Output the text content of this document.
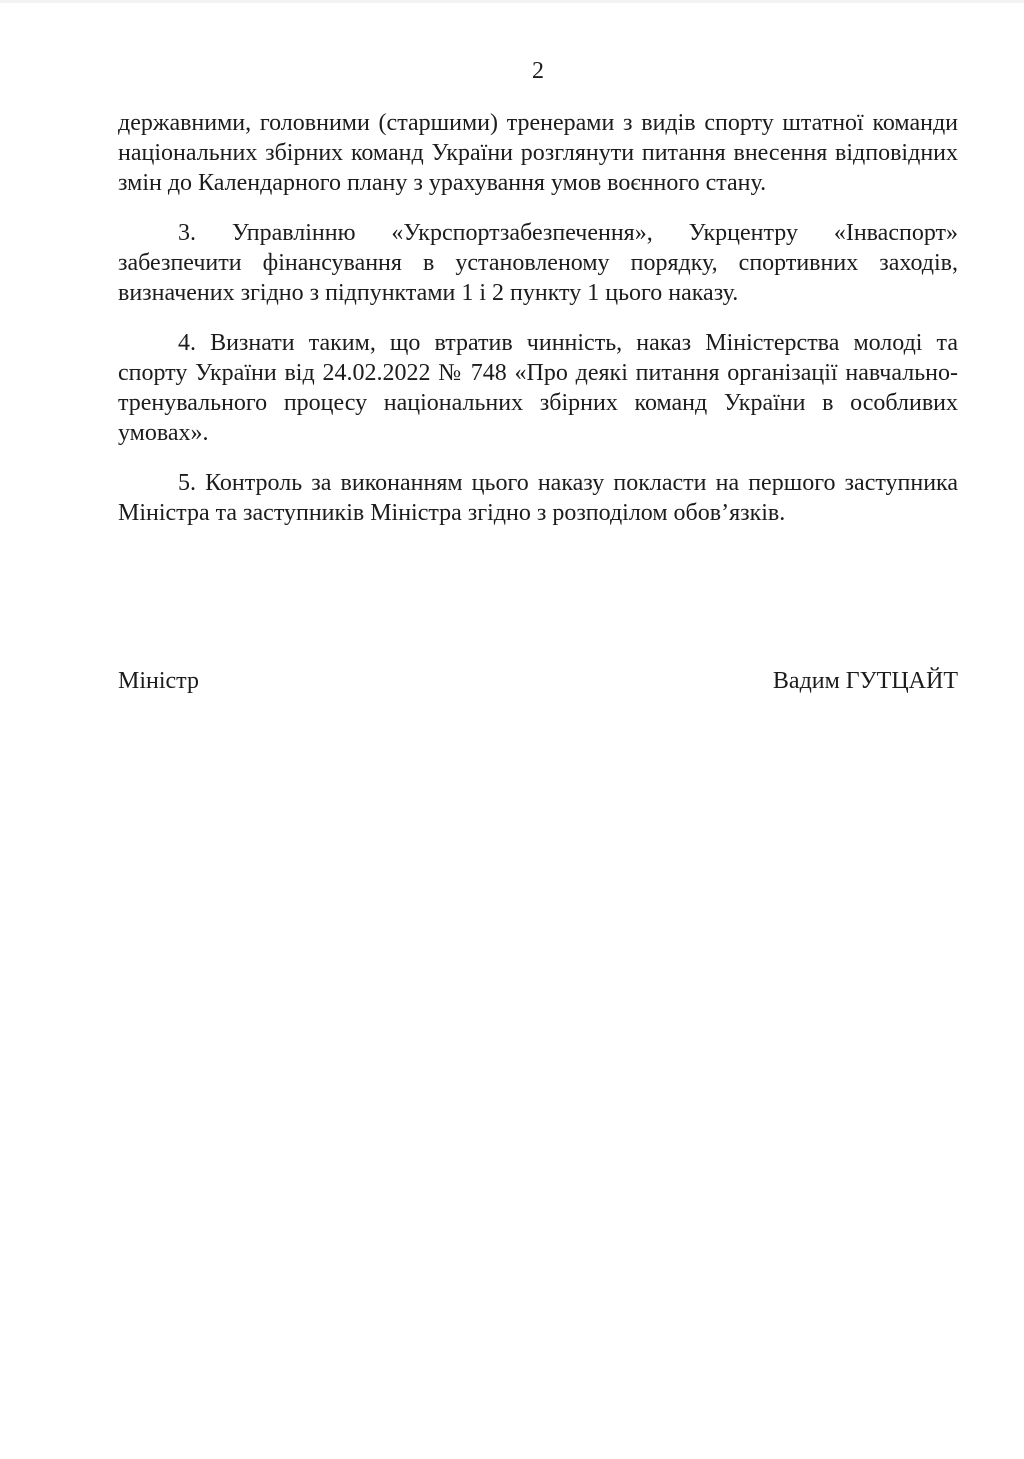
2
державними, головними (старшими) тренерами з видів спорту штатної команди
національних збірних команд України розглянути питання внесення відповідних
змін до Календарного плану з урахування умов воєнного стану.
3. Управлінню «Укрспортзабезпечення», Укрцентру «Інваспорт»
забезпечити фінансування в установленому порядку, спортивних заходів,
визначених згідно з підпунктами 1 і 2 пункту 1 цього наказу.
4. Визнати таким, що втратив чинність, наказ Міністерства молоді та
спорту України від 24.02.2022 № 748 «Про деякі питання організації навчально-
тренувального процесу національних збірних команд України в особливих
умовах».
5. Контроль за виконанням цього наказу покласти на першого заступника
Міністра та заступників Міністра згідно з розподілом обов’язків.
Міністр	Вадим ГУТЦАЙТ
